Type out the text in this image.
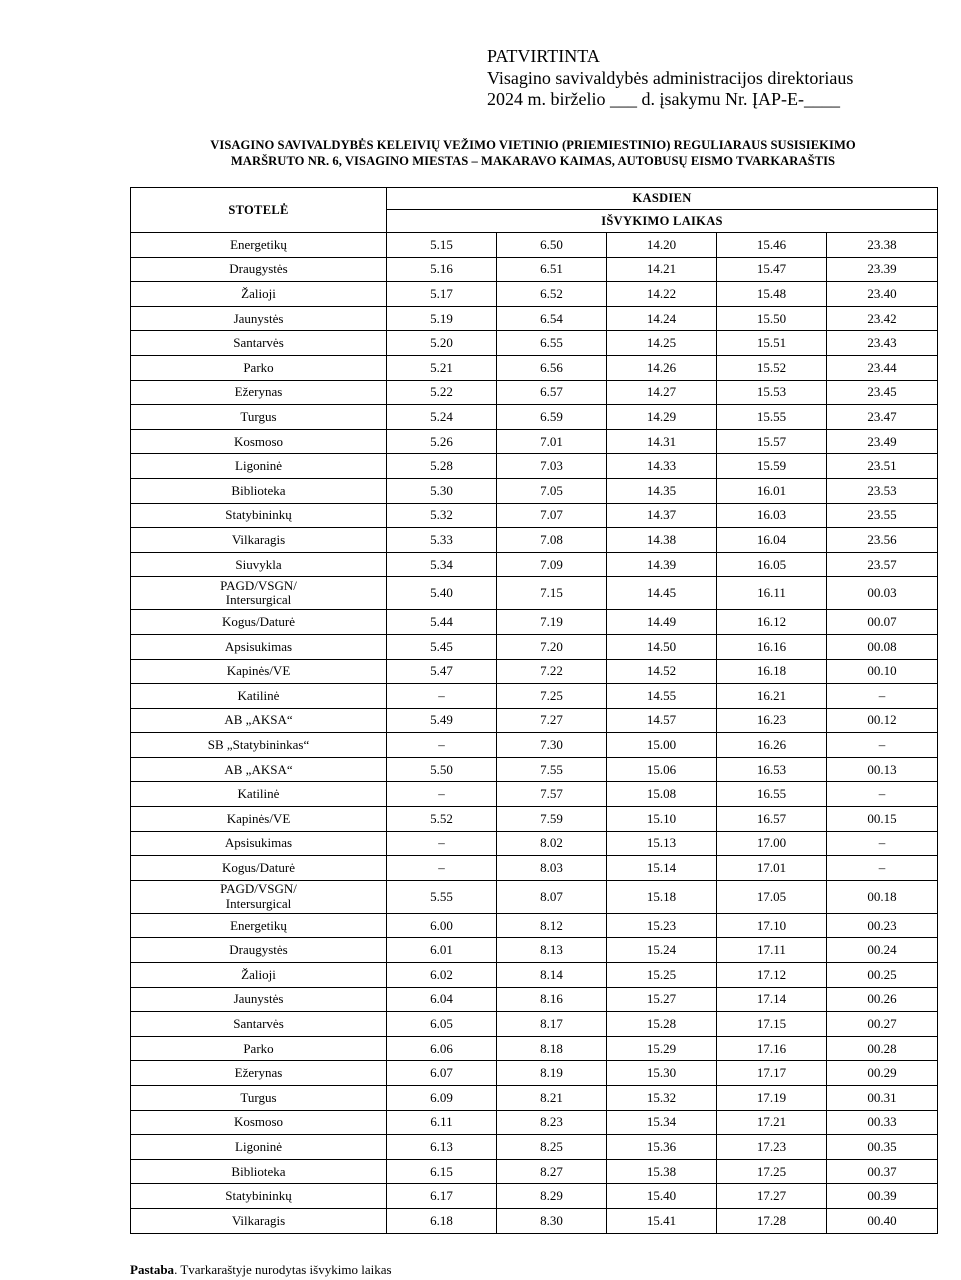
PATVIRTINTA
Visagino savivaldybės administracijos direktoriaus
2024 m. birželio ___ d. įsakymu Nr. ĮAP-E-____
VISAGINO SAVIVALDYBĖS KELEIVIŲ VEŽIMO VIETINIO (PRIEMIESTINIO) REGULIARAUS SUSISIEKIMO
MARŠRUTO NR. 6, VISAGINO MIESTAS – MAKARAVO KAIMAS, AUTOBUSŲ EISMO TVARKARAŠTIS
STOTELĖ	KASDIEN				
	IŠVYKIMO LAIKAS				

Energetikų	5.15	6.50	14.20	15.46	23.38

Draugystės	5.16	6.51	14.21	15.47	23.39

Žalioji	5.17	6.52	14.22	15.48	23.40

Jaunystės	5.19	6.54	14.24	15.50	23.42

Santarvės	5.20	6.55	14.25	15.51	23.43

Parko	5.21	6.56	14.26	15.52	23.44

Ežerynas	5.22	6.57	14.27	15.53	23.45

Turgus	5.24	6.59	14.29	15.55	23.47

Kosmoso	5.26	7.01	14.31	15.57	23.49

Ligoninė	5.28	7.03	14.33	15.59	23.51

Biblioteka	5.30	7.05	14.35	16.01	23.53

Statybininkų	5.32	7.07	14.37	16.03	23.55

Vilkaragis	5.33	7.08	14.38	16.04	23.56

Siuvykla	5.34	7.09	14.39	16.05	23.57

PAGD/VSGN/
Intersurgical	5.40	7.15	14.45	16.11	00.03

Kogus/Daturė	5.44	7.19	14.49	16.12	00.07

Apsisukimas	5.45	7.20	14.50	16.16	00.08

Kapinės/VE	5.47	7.22	14.52	16.18	00.10

Katilinė	–	7.25	14.55	16.21	–

AB „AKSA“	5.49	7.27	14.57	16.23	00.12

SB „Statybininkas“	–	7.30	15.00	16.26	–

AB „AKSA“	5.50	7.55	15.06	16.53	00.13

Katilinė	–	7.57	15.08	16.55	–

Kapinės/VE	5.52	7.59	15.10	16.57	00.15

Apsisukimas	–	8.02	15.13	17.00	–

Kogus/Daturė	–	8.03	15.14	17.01	–

PAGD/VSGN/
Intersurgical	5.55	8.07	15.18	17.05	00.18

Energetikų	6.00	8.12	15.23	17.10	00.23

Draugystės	6.01	8.13	15.24	17.11	00.24

Žalioji	6.02	8.14	15.25	17.12	00.25

Jaunystės	6.04	8.16	15.27	17.14	00.26

Santarvės	6.05	8.17	15.28	17.15	00.27

Parko	6.06	8.18	15.29	17.16	00.28

Ežerynas	6.07	8.19	15.30	17.17	00.29

Turgus	6.09	8.21	15.32	17.19	00.31

Kosmoso	6.11	8.23	15.34	17.21	00.33

Ligoninė	6.13	8.25	15.36	17.23	00.35

Biblioteka	6.15	8.27	15.38	17.25	00.37

Statybininkų	6.17	8.29	15.40	17.27	00.39

Vilkaragis	6.18	8.30	15.41	17.28	00.40
Pastaba. Tvarkaraštyje nurodytas išvykimo laikas
